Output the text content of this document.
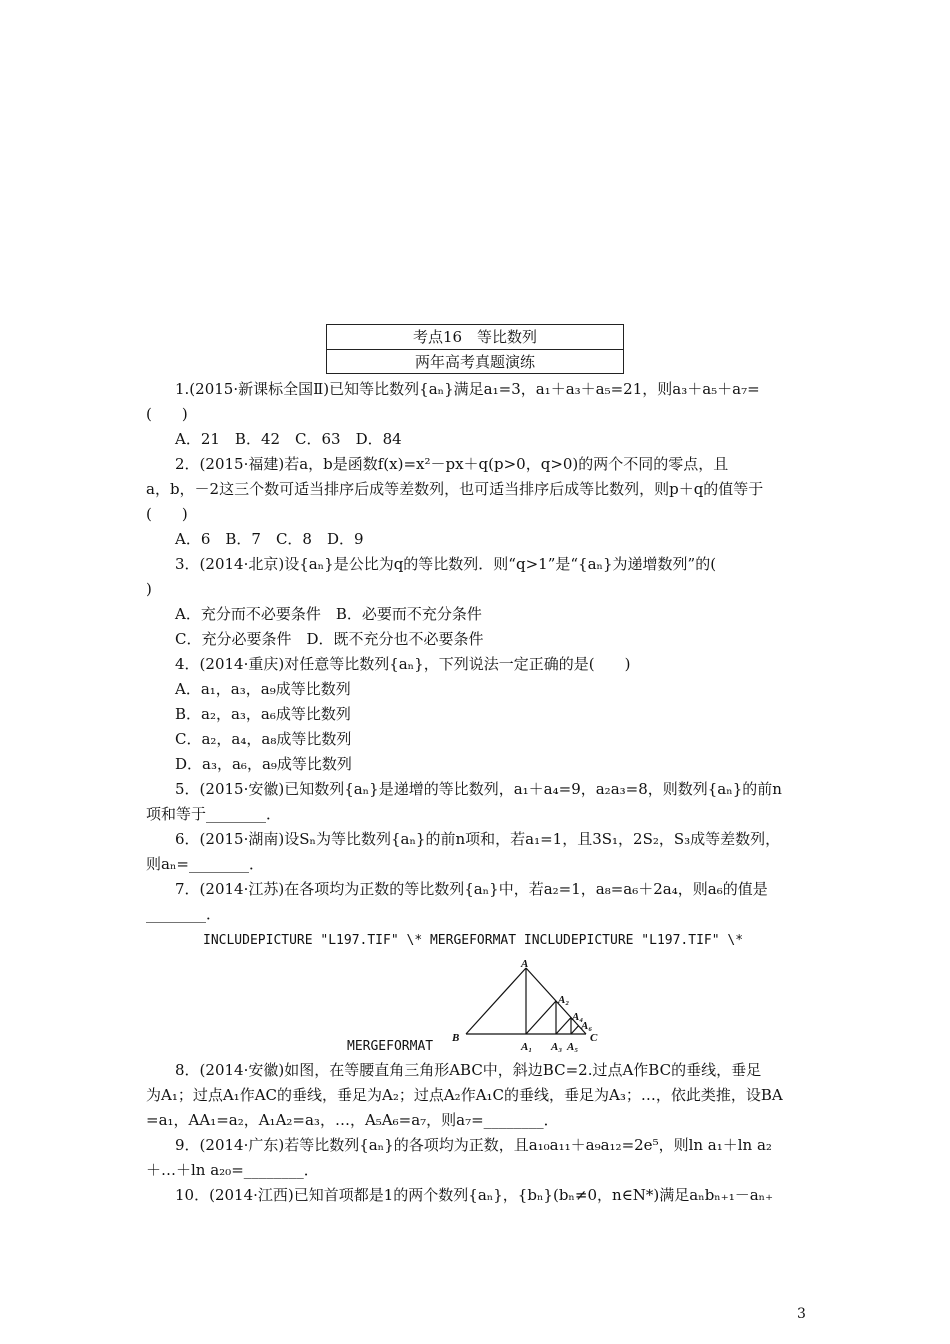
考点16　等比数列
两年高考真题演练
1.(2015·新课标全国Ⅱ)已知等比数列{aₙ}满足a₁=3，a₁＋a₃＋a₅=21，则a₃＋a₅＋a₇=
(　　)
A．21　B．42　C．63　D．84
2．(2015·福建)若a，b是函数f(x)=x²－px＋q(p>0，q>0)的两个不同的零点，且
a，b，－2这三个数可适当排序后成等差数列，也可适当排序后成等比数列，则p＋q的值等于
(　　)
A．6　B．7　C．8　D．9
3．(2014·北京)设{aₙ}是公比为q的等比数列．则“q>1”是“{aₙ}为递增数列”的(
)
A．充分而不必要条件　B．必要而不充分条件
C．充分必要条件　D．既不充分也不必要条件
4．(2014·重庆)对任意等比数列{aₙ}，下列说法一定正确的是(　　)
A．a₁，a₃，a₉成等比数列
B．a₂，a₃，a₆成等比数列
C．a₂，a₄，a₈成等比数列
D．a₃，a₆，a₉成等比数列
5．(2015·安徽)已知数列{aₙ}是递增的等比数列，a₁＋a₄=9，a₂a₃=8，则数列{aₙ}的前n
项和等于________．
6．(2015·湖南)设Sₙ为等比数列{aₙ}的前n项和，若a₁=1，且3S₁，2S₂，S₃成等差数列，
则aₙ=________．
7．(2014·江苏)在各项均为正数的等比数列{aₙ}中，若a₂=1，a₈=a₆＋2a₄，则a₆的值是
________．
INCLUDEPICTURE "L197.TIF" \* MERGEFORMAT INCLUDEPICTURE "L197.TIF" \*
MERGEFORMAT
A
A₁
A₂
A₃
A₄
A₅
A₆
B	C
8．(2014·安徽)如图，在等腰直角三角形ABC中，斜边BC=2.过点A作BC的垂线，垂足
为A₁；过点A₁作AC的垂线，垂足为A₂；过点A₂作A₁C的垂线，垂足为A₃；…，依此类推，设BA
=a₁，AA₁=a₂，A₁A₂=a₃，…，A₅A₆=a₇，则a₇=________．
9．(2014·广东)若等比数列{aₙ}的各项均为正数，且a₁₀a₁₁＋a₉a₁₂=2e⁵，则ln a₁＋ln a₂
＋…＋ln a₂₀=________．
10．(2014·江西)已知首项都是1的两个数列{aₙ}，{bₙ}(bₙ≠0，n∈N*)满足aₙbₙ₊₁－aₙ₊
3
